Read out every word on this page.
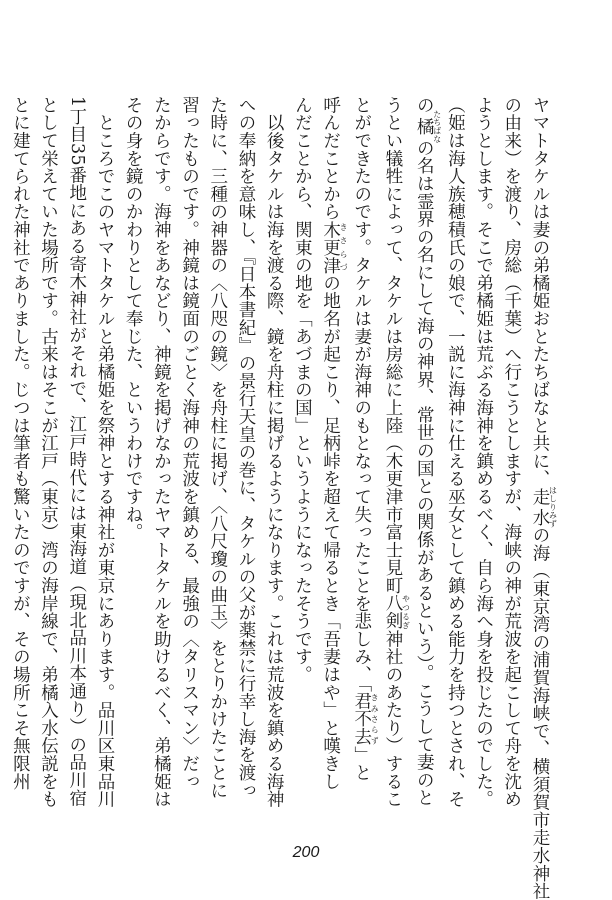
ヤマトタケルは妻の弟橘姫おとたちばなと共に、走水はしりみずの海（東京湾の浦賀海峡で、横須賀市走水神社
の由来）を渡り、房総（千葉）へ行こうとしますが、海峡の神が荒波を起こして舟を沈め
ようとします。そこで弟橘姫は荒ぶる海神を鎮めるべく、自ら海へ身を投じたのでした。
（姫は海人族穂積氏の娘で、一説に海神に仕える巫女として鎮める能力を持つとされ、そ
の橘たちばなの名は霊界の名にして海の神界、常世の国との関係があるという）。こうして妻のと
うとい犠牲によって、タケルは房総に上陸（木更津市富士見町八剣やつるぎ神社のあたり）するこ
とができたのです。タケルは妻が海神のもとなって失ったことを悲しみ、「君不去きみさらず」と
呼んだことから木更津きさらづの地名が起こり、足柄峠を超えて帰るとき「吾妻はや」と嘆きし
んだことから、関東の地を「あづまの国」というようになったそうです。
　以後タケルは海を渡る際、鏡を舟柱に掲げるようになります。これは荒波を鎮める海神
への奉納を意味し、『日本書紀』の景行天皇の巻に、タケルの父が薬禁に行幸し海を渡っ
た時に、三種の神器の〈八咫の鏡〉を舟柱に掲げ、〈八尺瓊の曲玉〉をとりかけたことに
習ったものです。神鏡は鏡面のごとく海神の荒波を鎮める、最強の〈タリスマン〉だっ
たからです。海神をあなどり、神鏡を掲げなかったヤマトタケルを助けるべく、弟橘姫は
その身を鏡のかわりとして奉じた、というわけですね。
　ところでこのヤマトタケルと弟橘姫を祭神とする神社が東京にあります。品川区東品川
1丁目35番地にある寄木神社がそれで、江戸時代には東海道（現北品川本通り）の品川宿
として栄えていた場所です。古来はそこが江戸（東京）湾の海岸線で、弟橘入水伝説をも
とに建てられた神社でありました。じつは筆者も驚いたのですが、その場所こそ無限州
200
